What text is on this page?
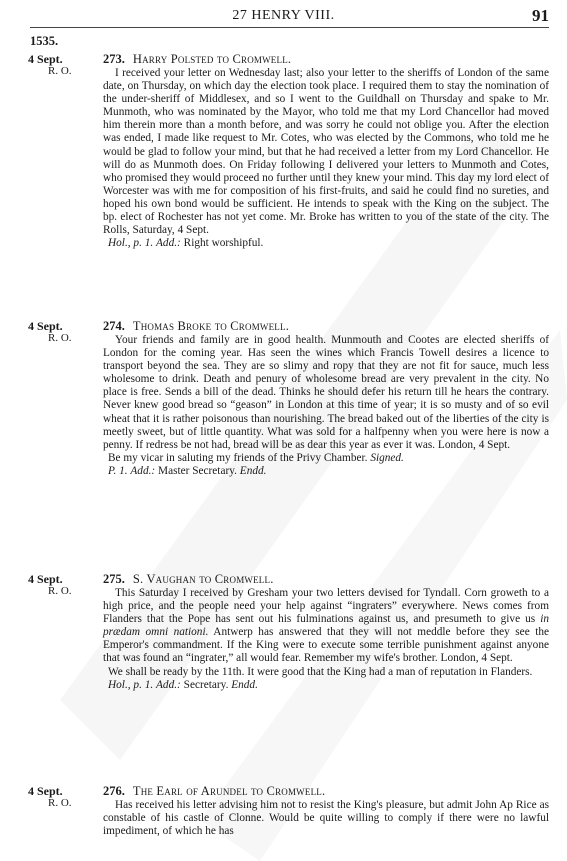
27 HENRY VIII.	91
1535.
4 Sept.
R. O.
273. Harry Polsted to Cromwell.

I received your letter on Wednesday last; also your letter to the sheriffs of London of the same date, on Thursday, on which day the election took place. I required them to stay the nomination of the under-sheriff of Middlesex, and so I went to the Guildhall on Thursday and spake to Mr. Munmoth, who was nominated by the Mayor, who told me that my Lord Chancellor had moved him therein more than a month before, and was sorry he could not oblige you. After the election was ended, I made like request to Mr. Cotes, who was elected by the Commons, who told me he would be glad to follow your mind, but that he had received a letter from my Lord Chancellor. He will do as Munmoth does. On Friday following I delivered your letters to Munmoth and Cotes, who promised they would proceed no further until they knew your mind. This day my lord elect of Worcester was with me for composition of his first-fruits, and said he could find no sureties, and hoped his own bond would be sufficient. He intends to speak with the King on the subject. The bp. elect of Rochester has not yet come. Mr. Broke has written to you of the state of the city. The Rolls, Saturday, 4 Sept.

Hol., p. 1. Add.: Right worshipful.

4 Sept.
R. O.
274. Thomas Broke to Cromwell.

Your friends and family are in good health. Munmouth and Cootes are elected sheriffs of London for the coming year. Has seen the wines which Francis Towell desires a licence to transport beyond the sea. They are so slimy and ropy that they are not fit for sauce, much less wholesome to drink. Death and penury of wholesome bread are very prevalent in the city. No place is free. Sends a bill of the dead. Thinks he should defer his return till he hears the contrary. Never knew good bread so “geason” in London at this time of year; it is so musty and of so evil wheat that it is rather poisonous than nourishing. The bread baked out of the liberties of the city is meetly sweet, but of little quantity. What was sold for a halfpenny when you were here is now a penny. If redress be not had, bread will be as dear this year as ever it was. London, 4 Sept.

Be my vicar in saluting my friends of the Privy Chamber. Signed.

P. 1. Add.: Master Secretary. Endd.

4 Sept.
R. O.
275. S. Vaughan to Cromwell.

This Saturday I received by Gresham your two letters devised for Tyndall. Corn groweth to a high price, and the people need your help against “ingraters” everywhere. News comes from Flanders that the Pope has sent out his fulminations against us, and presumeth to give us in prædam omni nationi. Antwerp has answered that they will not meddle before they see the Emperor's commandment. If the King were to execute some terrible punishment against anyone that was found an “ingrater,” all would fear. Remember my wife's brother. London, 4 Sept.

We shall be ready by the 11th. It were good that the King had a man of reputation in Flanders.

Hol., p. 1. Add.: Secretary. Endd.

4 Sept.
R. O.
276. The Earl of Arundel to Cromwell.

Has received his letter advising him not to resist the King's pleasure, but admit John Ap Rice as constable of his castle of Clonne. Would be quite willing to comply if there were no lawful impediment, of which he has
